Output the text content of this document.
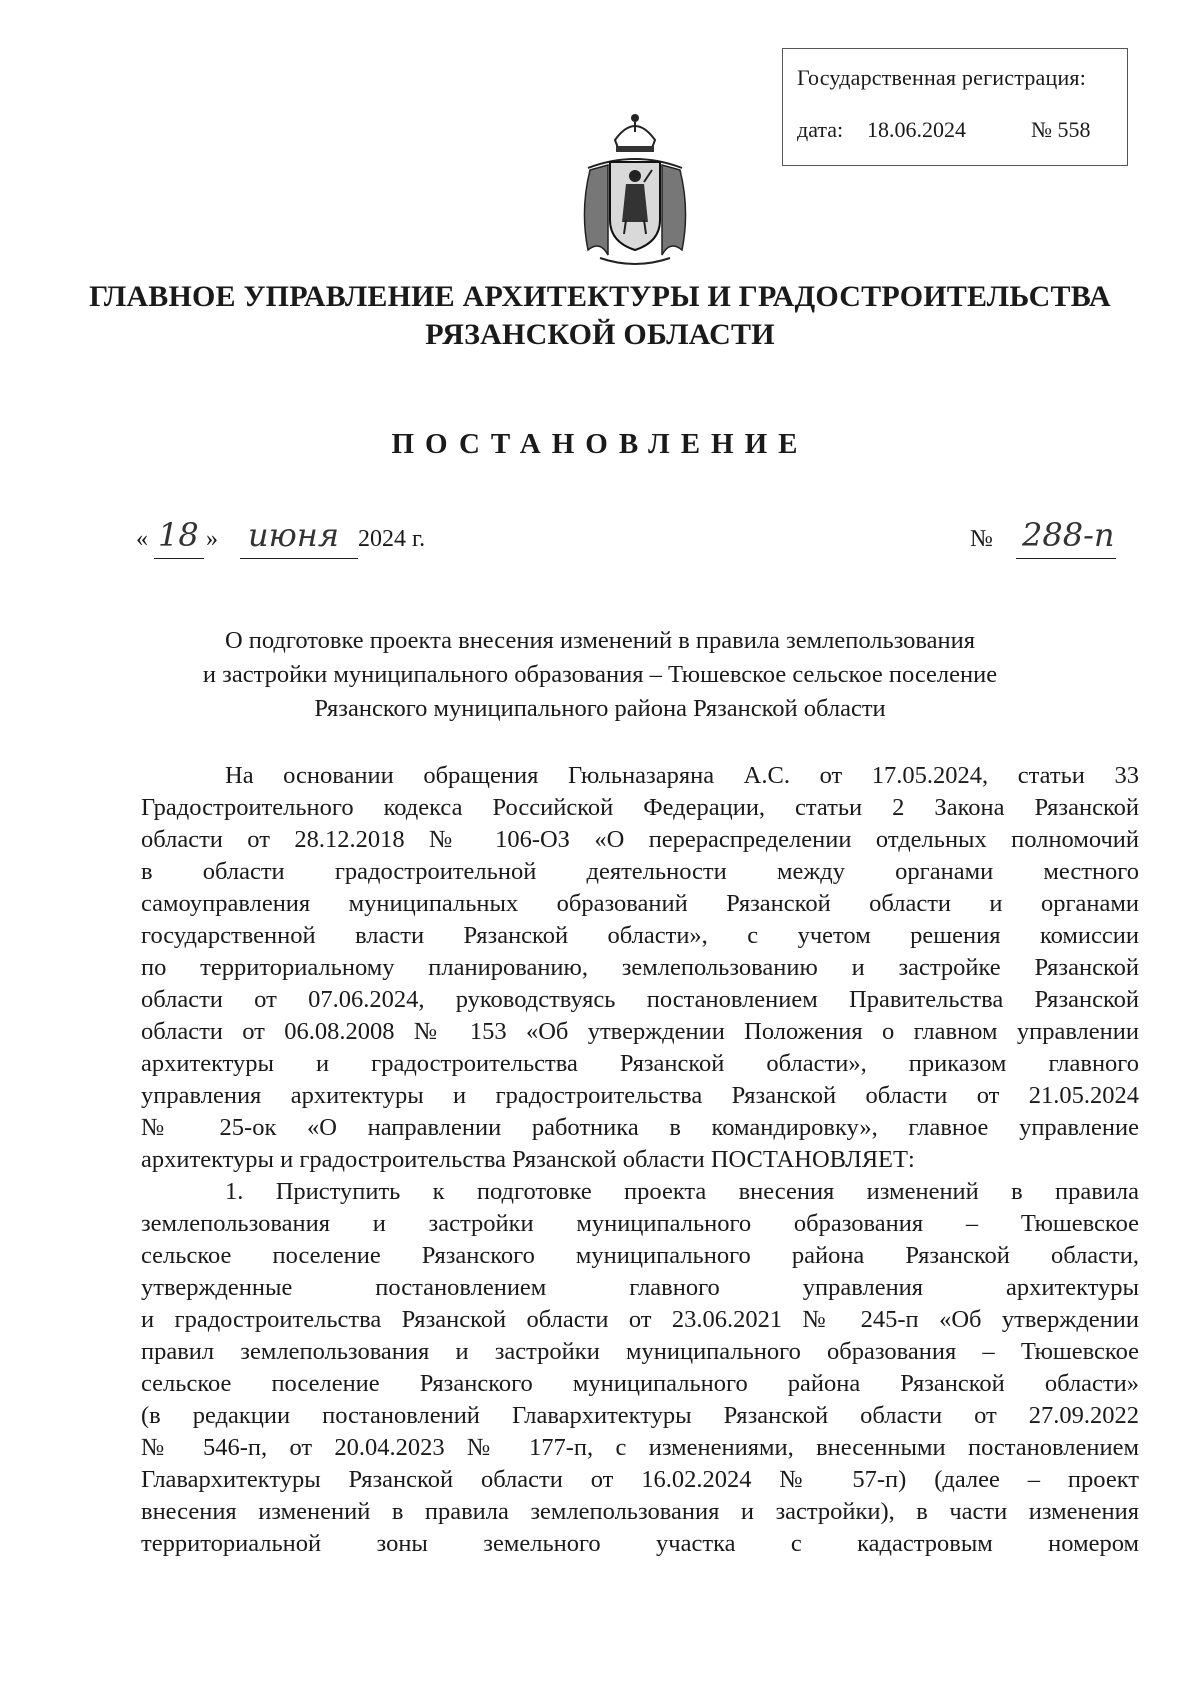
Государственная регистрация:
дата: 18.06.2024	№ 558
ГЛАВНОЕ УПРАВЛЕНИЕ АРХИТЕКТУРЫ И ГРАДОСТРОИТЕЛЬСТВА
РЯЗАНСКОЙ ОБЛАСТИ
ПОСТАНОВЛЕНИЕ
« 18 » июня 2024 г.	№ 288-п
О подготовке проекта внесения изменений в правила землепользования
и застройки муниципального образования – Тюшевское сельское поселение
Рязанского муниципального района Рязанской области
На основании обращения Гюльназаряна А.С. от 17.05.2024, статьи 33
Градостроительного кодекса Российской Федерации, статьи 2 Закона Рязанской
области от 28.12.2018 № 106-ОЗ «О перераспределении отдельных полномочий
в области градостроительной деятельности между органами местного
самоуправления муниципальных образований Рязанской области и органами
государственной власти Рязанской области», с учетом решения комиссии
по территориальному планированию, землепользованию и застройке Рязанской
области от 07.06.2024, руководствуясь постановлением Правительства Рязанской
области от 06.08.2008 № 153 «Об утверждении Положения о главном управлении
архитектуры и градостроительства Рязанской области», приказом главного
управления архитектуры и градостроительства Рязанской области от 21.05.2024
№ 25-ок «О направлении работника в командировку», главное управление
архитектуры и градостроительства Рязанской области ПОСТАНОВЛЯЕТ:
1. Приступить к подготовке проекта внесения изменений в правила
землепользования и застройки муниципального образования – Тюшевское
сельское поселение Рязанского муниципального района Рязанской области,
утвержденные постановлением главного управления архитектуры
и градостроительства Рязанской области от 23.06.2021 № 245-п «Об утверждении
правил землепользования и застройки муниципального образования – Тюшевское
сельское поселение Рязанского муниципального района Рязанской области»
(в редакции постановлений Главархитектуры Рязанской области от 27.09.2022
№ 546-п, от 20.04.2023 № 177-п, с изменениями, внесенными постановлением
Главархитектуры Рязанской области от 16.02.2024 № 57-п) (далее – проект
внесения изменений в правила землепользования и застройки), в части изменения
территориальной зоны земельного участка с кадастровым номером
